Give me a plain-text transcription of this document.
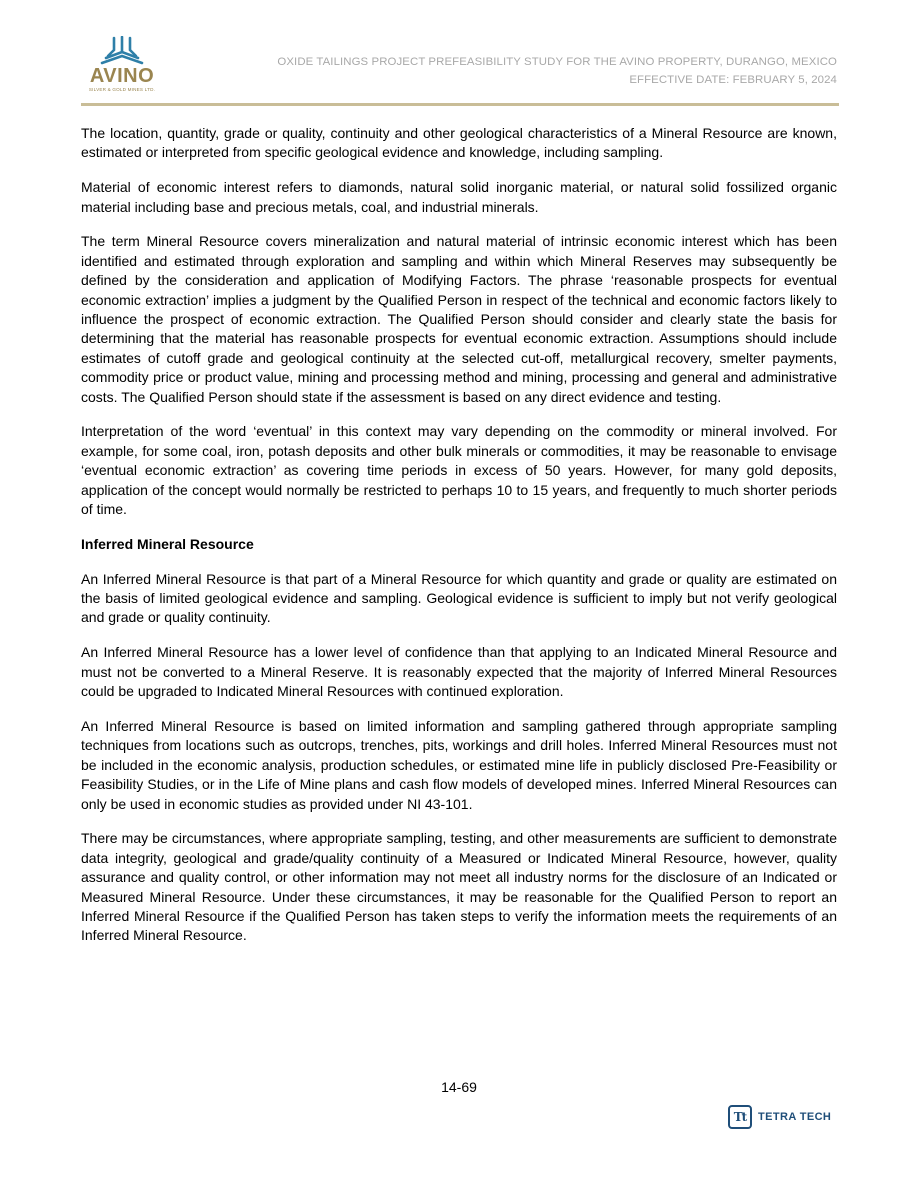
AVINO
SILVER & GOLD MINES LTD.
OXIDE TAILINGS PROJECT PREFEASIBILITY STUDY FOR THE AVINO PROPERTY, DURANGO, MEXICO
EFFECTIVE DATE: FEBRUARY 5, 2024

The location, quantity, grade or quality, continuity and other geological characteristics of a Mineral Resource are known, estimated or interpreted from specific geological evidence and knowledge, including sampling.

Material of economic interest refers to diamonds, natural solid inorganic material, or natural solid fossilized organic material including base and precious metals, coal, and industrial minerals.

The term Mineral Resource covers mineralization and natural material of intrinsic economic interest which has been identified and estimated through exploration and sampling and within which Mineral Reserves may subsequently be defined by the consideration and application of Modifying Factors. The phrase ‘reasonable prospects for eventual economic extraction’ implies a judgment by the Qualified Person in respect of the technical and economic factors likely to influence the prospect of economic extraction. The Qualified Person should consider and clearly state the basis for determining that the material has reasonable prospects for eventual economic extraction. Assumptions should include estimates of cutoff grade and geological continuity at the selected cut-off, metallurgical recovery, smelter payments, commodity price or product value, mining and processing method and mining, processing and general and administrative costs. The Qualified Person should state if the assessment is based on any direct evidence and testing.

Interpretation of the word ‘eventual’ in this context may vary depending on the commodity or mineral involved. For example, for some coal, iron, potash deposits and other bulk minerals or commodities, it may be reasonable to envisage ‘eventual economic extraction’ as covering time periods in excess of 50 years. However, for many gold deposits, application of the concept would normally be restricted to perhaps 10 to 15 years, and frequently to much shorter periods of time.

Inferred Mineral Resource

An Inferred Mineral Resource is that part of a Mineral Resource for which quantity and grade or quality are estimated on the basis of limited geological evidence and sampling. Geological evidence is sufficient to imply but not verify geological and grade or quality continuity.

An Inferred Mineral Resource has a lower level of confidence than that applying to an Indicated Mineral Resource and must not be converted to a Mineral Reserve. It is reasonably expected that the majority of Inferred Mineral Resources could be upgraded to Indicated Mineral Resources with continued exploration.

An Inferred Mineral Resource is based on limited information and sampling gathered through appropriate sampling techniques from locations such as outcrops, trenches, pits, workings and drill holes. Inferred Mineral Resources must not be included in the economic analysis, production schedules, or estimated mine life in publicly disclosed Pre-Feasibility or Feasibility Studies, or in the Life of Mine plans and cash flow models of developed mines. Inferred Mineral Resources can only be used in economic studies as provided under NI 43-101.

There may be circumstances, where appropriate sampling, testing, and other measurements are sufficient to demonstrate data integrity, geological and grade/quality continuity of a Measured or Indicated Mineral Resource, however, quality assurance and quality control, or other information may not meet all industry norms for the disclosure of an Indicated or Measured Mineral Resource. Under these circumstances, it may be reasonable for the Qualified Person to report an Inferred Mineral Resource if the Qualified Person has taken steps to verify the information meets the requirements of an Inferred Mineral Resource.

14-69
Tt	TETRA TECH
